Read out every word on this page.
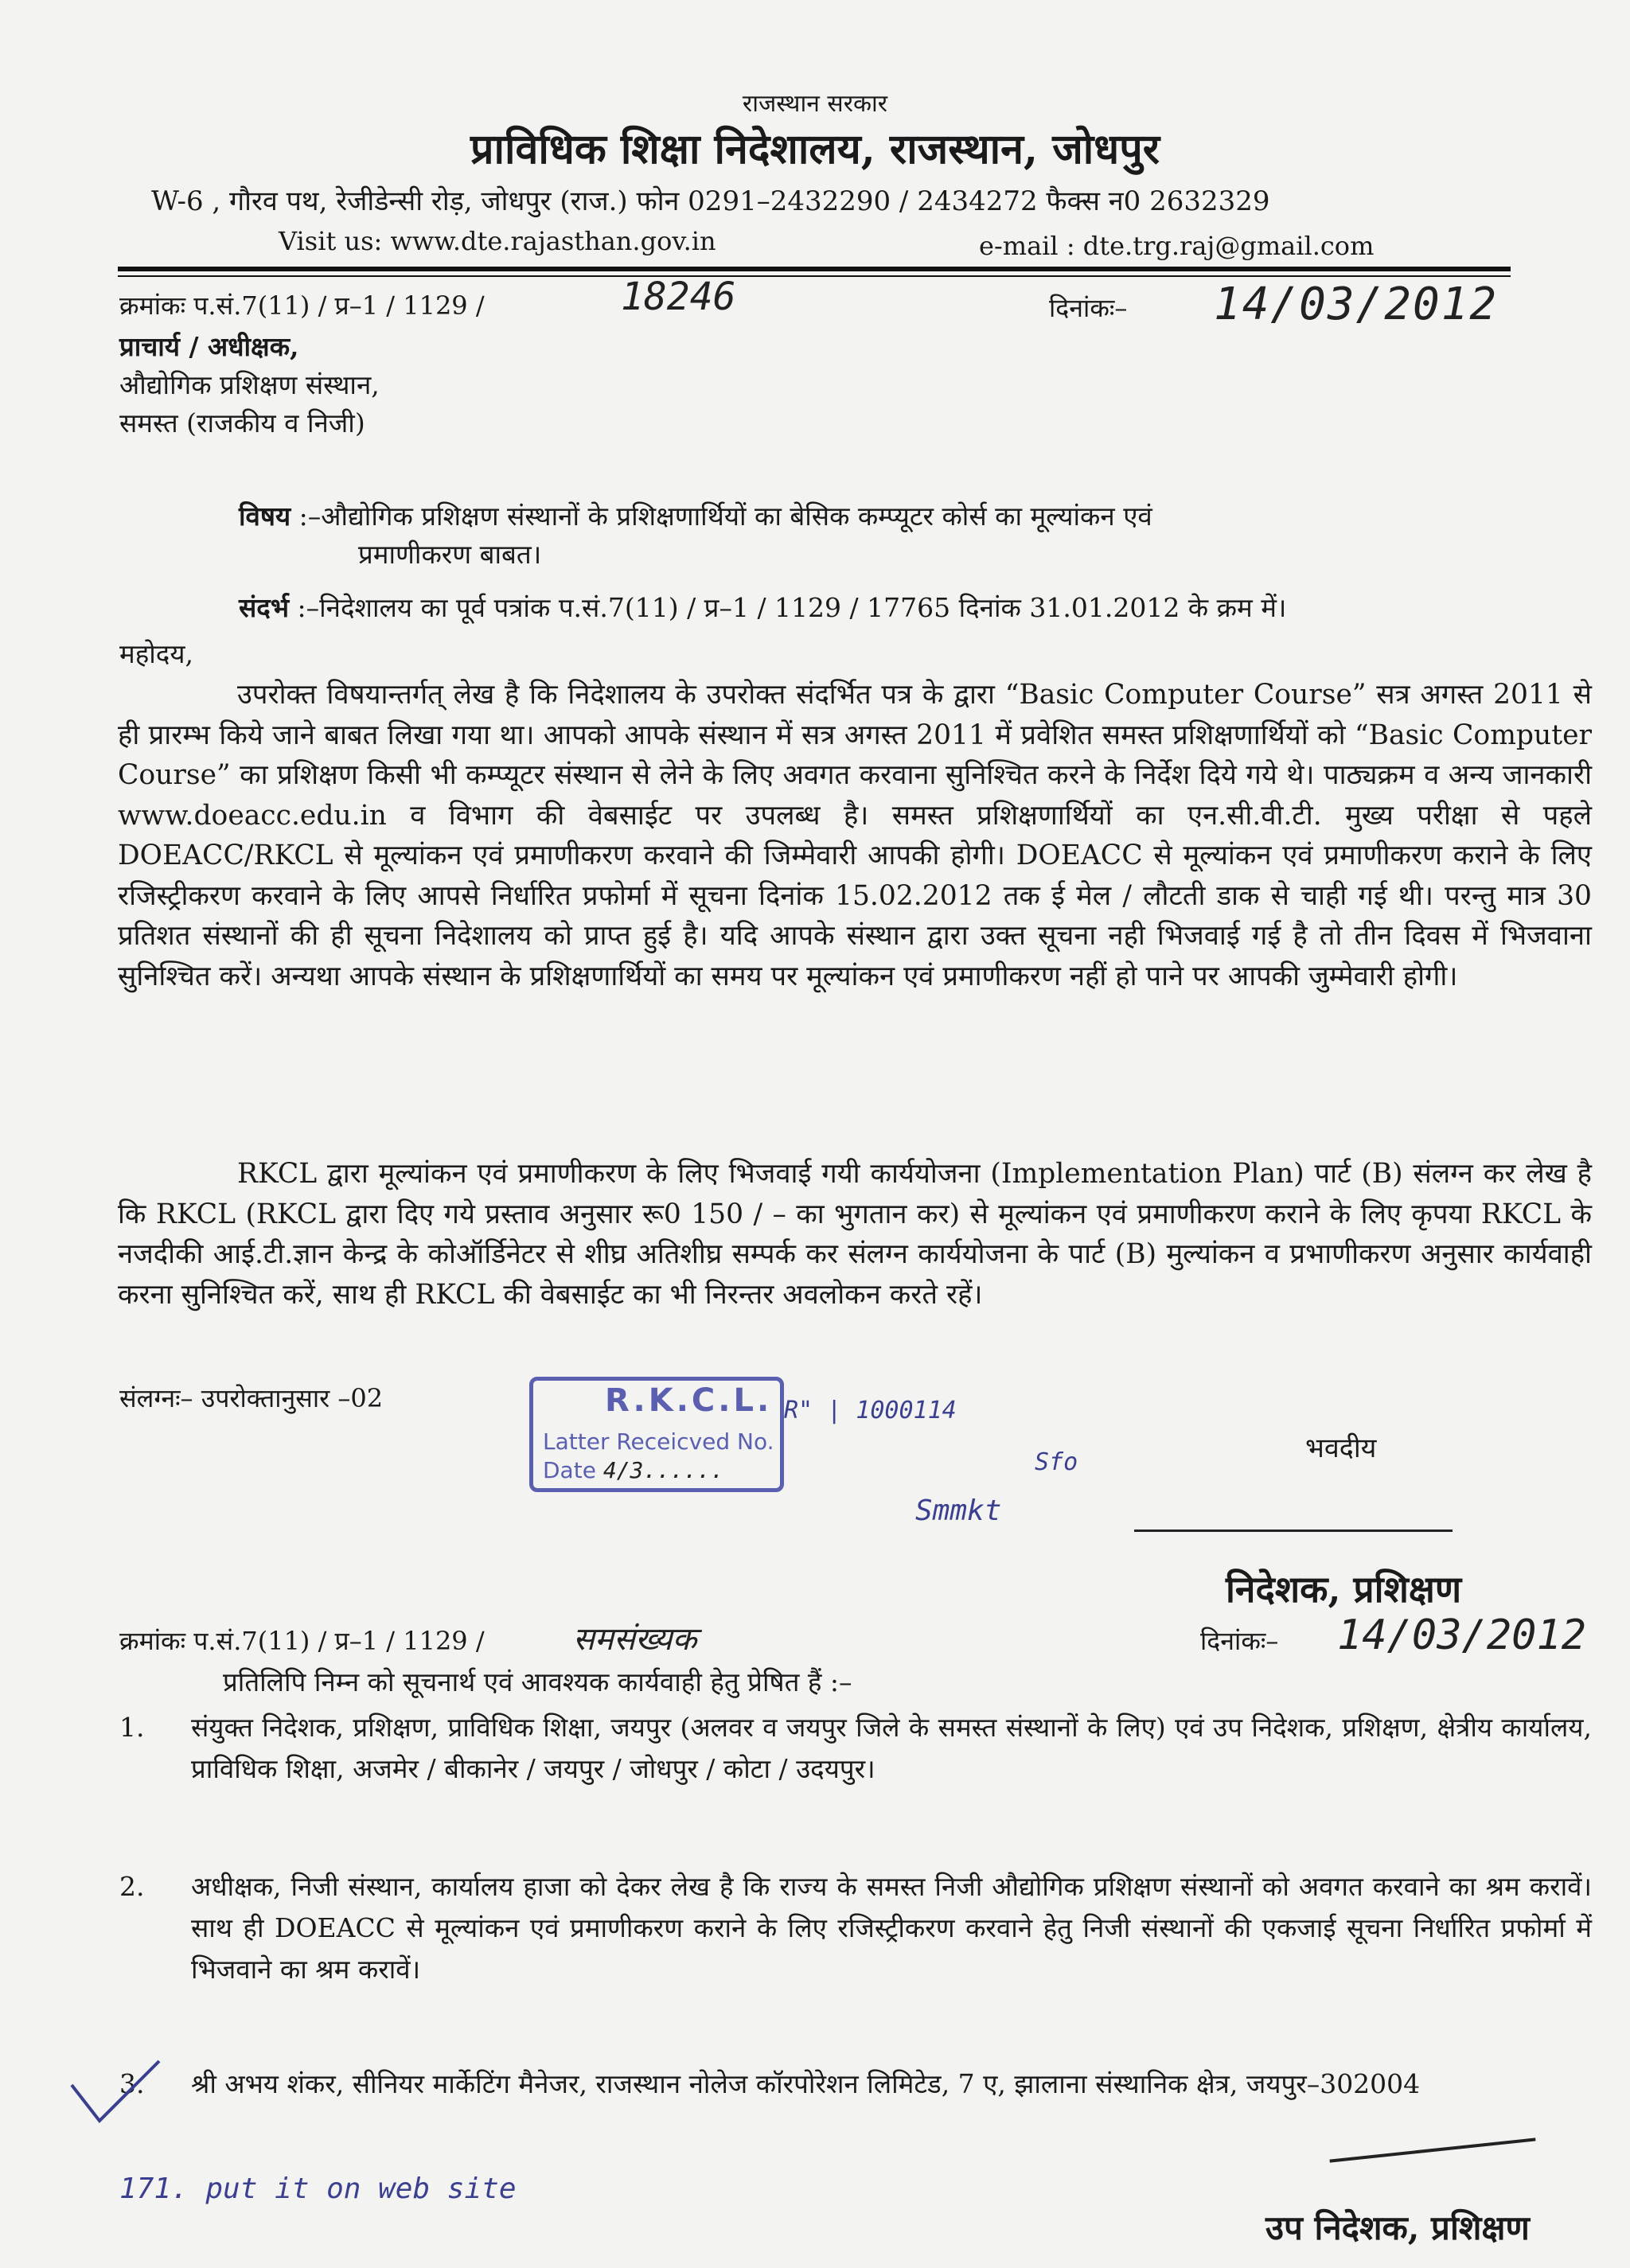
राजस्थान सरकार
प्राविधिक शिक्षा निदेशालय, राजस्थान, जोधपुर
W-6 , गौरव पथ, रेजीडेन्सी रोड़, जोधपुर (राज.) फोन 0291–2432290 / 2434272 फैक्स न0 2632329
Visit us: www.dte.rajasthan.gov.in	e-mail : dte.trg.raj@gmail.com
क्रमांकः प.सं.7(11) / प्र–1 / 1129 /	18246	दिनांकः– 14/03/2012
प्राचार्य / अधीक्षक,
औद्योगिक प्रशिक्षण संस्थान,
समस्त (राजकीय व निजी)
विषय :–औद्योगिक प्रशिक्षण संस्थानों के प्रशिक्षणार्थियों का बेसिक कम्प्यूटर कोर्स का मूल्यांकन एवं
प्रमाणीकरण बाबत।
संदर्भ :–निदेशालय का पूर्व पत्रांक प.सं.7(11) / प्र–1 / 1129 / 17765 दिनांक 31.01.2012 के क्रम में।
महोदय,
उपरोक्त विषयान्तर्गत् लेख है कि निदेशालय के उपरोक्त संदर्भित पत्र के द्वारा “Basic Computer Course” सत्र अगस्त 2011 से ही प्रारम्भ किये जाने बाबत लिखा गया था। आपको आपके संस्थान में सत्र अगस्त 2011 में प्रवेशित समस्त प्रशिक्षणार्थियों को “Basic Computer Course” का प्रशिक्षण किसी भी कम्प्यूटर संस्थान से लेने के लिए अवगत करवाना सुनिश्चित करने के निर्देश दिये गये थे। पाठ्यक्रम व अन्य जानकारी www.doeacc.edu.in व विभाग की वेबसाईट पर उपलब्ध है। समस्त प्रशिक्षणार्थियों का एन.सी.वी.टी. मुख्य परीक्षा से पहले DOEACC/RKCL से मूल्यांकन एवं प्रमाणीकरण करवाने की जिम्मेवारी आपकी होगी। DOEACC से मूल्यांकन एवं प्रमाणीकरण कराने के लिए रजिस्ट्रीकरण करवाने के लिए आपसे निर्धारित प्रफोर्मा में सूचना दिनांक 15.02.2012 तक ई मेल / लौटती डाक से चाही गई थी। परन्तु मात्र 30 प्रतिशत संस्थानों की ही सूचना निदेशालय को प्राप्त हुई है। यदि आपके संस्थान द्वारा उक्त सूचना नही भिजवाई गई है तो तीन दिवस में भिजवाना सुनिश्चित करें। अन्यथा आपके संस्थान के प्रशिक्षणार्थियों का समय पर मूल्यांकन एवं प्रमाणीकरण नहीं हो पाने पर आपकी जुम्मेवारी होगी।
RKCL द्वारा मूल्यांकन एवं प्रमाणीकरण के लिए भिजवाई गयी कार्ययोजना (Implementation Plan) पार्ट (B) संलग्न कर लेख है कि RKCL (RKCL द्वारा दिए गये प्रस्ताव अनुसार रू0 150 / – का भुगतान कर) से मूल्यांकन एवं प्रमाणीकरण कराने के लिए कृपया RKCL के नजदीकी आई.टी.ज्ञान केन्द्र के कोऑर्डिनेटर से शीघ्र अतिशीघ्र सम्पर्क कर संलग्न कार्ययोजना के पार्ट (B) मुल्यांकन व प्रभाणीकरण अनुसार कार्यवाही करना सुनिश्चित करें, साथ ही RKCL की वेबसाईट का भी निरन्तर अवलोकन करते रहें।
संलग्नः– उपरोक्तानुसार –02	R.K.C.L.
Latter Receicved No.
Date 4/3......
R" | 1000114
Sfo
Smmkt
भवदीय
निदेशक, प्रशिक्षण
क्रमांकः प.सं.7(11) / प्र–1 / 1129 /	समसंख्यक	दिनांकः– 14/03/2012
प्रतिलिपि निम्न को सूचनार्थ एवं आवश्यक कार्यवाही हेतु प्रेषित हैं :–
1.	संयुक्त निदेशक, प्रशिक्षण, प्राविधिक शिक्षा, जयपुर (अलवर व जयपुर जिले के समस्त संस्थानों के लिए) एवं उप निदेशक, प्रशिक्षण, क्षेत्रीय कार्यालय, प्राविधिक शिक्षा, अजमेर / बीकानेर / जयपुर / जोधपुर / कोटा / उदयपुर।
2.	अधीक्षक, निजी संस्थान, कार्यालय हाजा को देकर लेख है कि राज्य के समस्त निजी औद्योगिक प्रशिक्षण संस्थानों को अवगत करवाने का श्रम करावें। साथ ही DOEACC से मूल्यांकन एवं प्रमाणीकरण कराने के लिए रजिस्ट्रीकरण करवाने हेतु निजी संस्थानों की एकजाई सूचना निर्धारित प्रफोर्मा में भिजवाने का श्रम करावें।
3.	श्री अभय शंकर, सीनियर मार्केटिंग मैनेजर, राजस्थान नोलेज कॉरपोरेशन लिमिटेड, 7 ए, झालाना संस्थानिक क्षेत्र, जयपुर–302004
171. put it on web site
उप निदेशक, प्रशिक्षण
